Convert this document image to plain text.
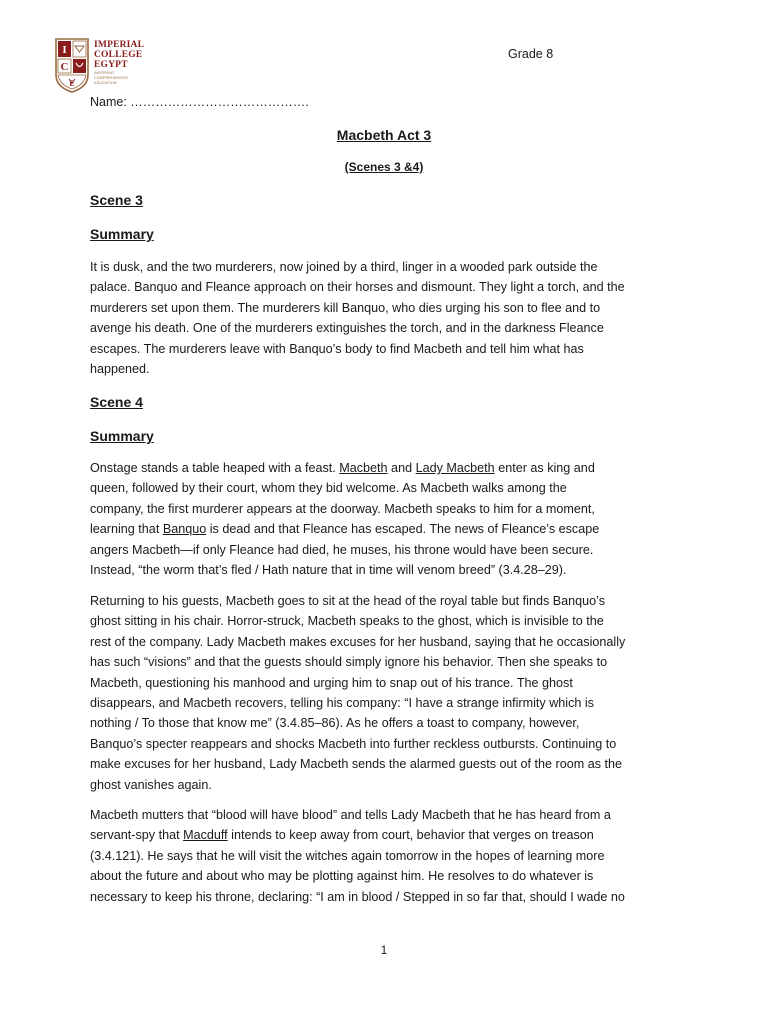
I
C
E
IMPERIAL
COLLEGE
EGYPT
INSPIRING
COMPREHENSIVE
EDUCATION
Grade 8
Name: …………………………………….
Macbeth Act 3
(Scenes 3 &4)
Scene 3
Summary
It is dusk, and the two murderers, now joined by a third, linger in a wooded park outside the
palace. Banquo and Fleance approach on their horses and dismount. They light a torch, and the
murderers set upon them. The murderers kill Banquo, who dies urging his son to flee and to
avenge his death. One of the murderers extinguishes the torch, and in the darkness Fleance
escapes. The murderers leave with Banquo’s body to find Macbeth and tell him what has
happened.
Scene 4
Summary
Onstage stands a table heaped with a feast. Macbeth and Lady Macbeth enter as king and
queen, followed by their court, whom they bid welcome. As Macbeth walks among the
company, the first murderer appears at the doorway. Macbeth speaks to him for a moment,
learning that Banquo is dead and that Fleance has escaped. The news of Fleance’s escape
angers Macbeth—if only Fleance had died, he muses, his throne would have been secure.
Instead, “the worm that’s fled / Hath nature that in time will venom breed” (3.4.28–29).
Returning to his guests, Macbeth goes to sit at the head of the royal table but finds Banquo’s
ghost sitting in his chair. Horror-struck, Macbeth speaks to the ghost, which is invisible to the
rest of the company. Lady Macbeth makes excuses for her husband, saying that he occasionally
has such “visions” and that the guests should simply ignore his behavior. Then she speaks to
Macbeth, questioning his manhood and urging him to snap out of his trance. The ghost
disappears, and Macbeth recovers, telling his company: “I have a strange infirmity which is
nothing / To those that know me” (3.4.85–86). As he offers a toast to company, however,
Banquo’s specter reappears and shocks Macbeth into further reckless outbursts. Continuing to
make excuses for her husband, Lady Macbeth sends the alarmed guests out of the room as the
ghost vanishes again.
Macbeth mutters that “blood will have blood” and tells Lady Macbeth that he has heard from a
servant-spy that Macduff intends to keep away from court, behavior that verges on treason
(3.4.121). He says that he will visit the witches again tomorrow in the hopes of learning more
about the future and about who may be plotting against him. He resolves to do whatever is
necessary to keep his throne, declaring: “I am in blood / Stepped in so far that, should I wade no
1
